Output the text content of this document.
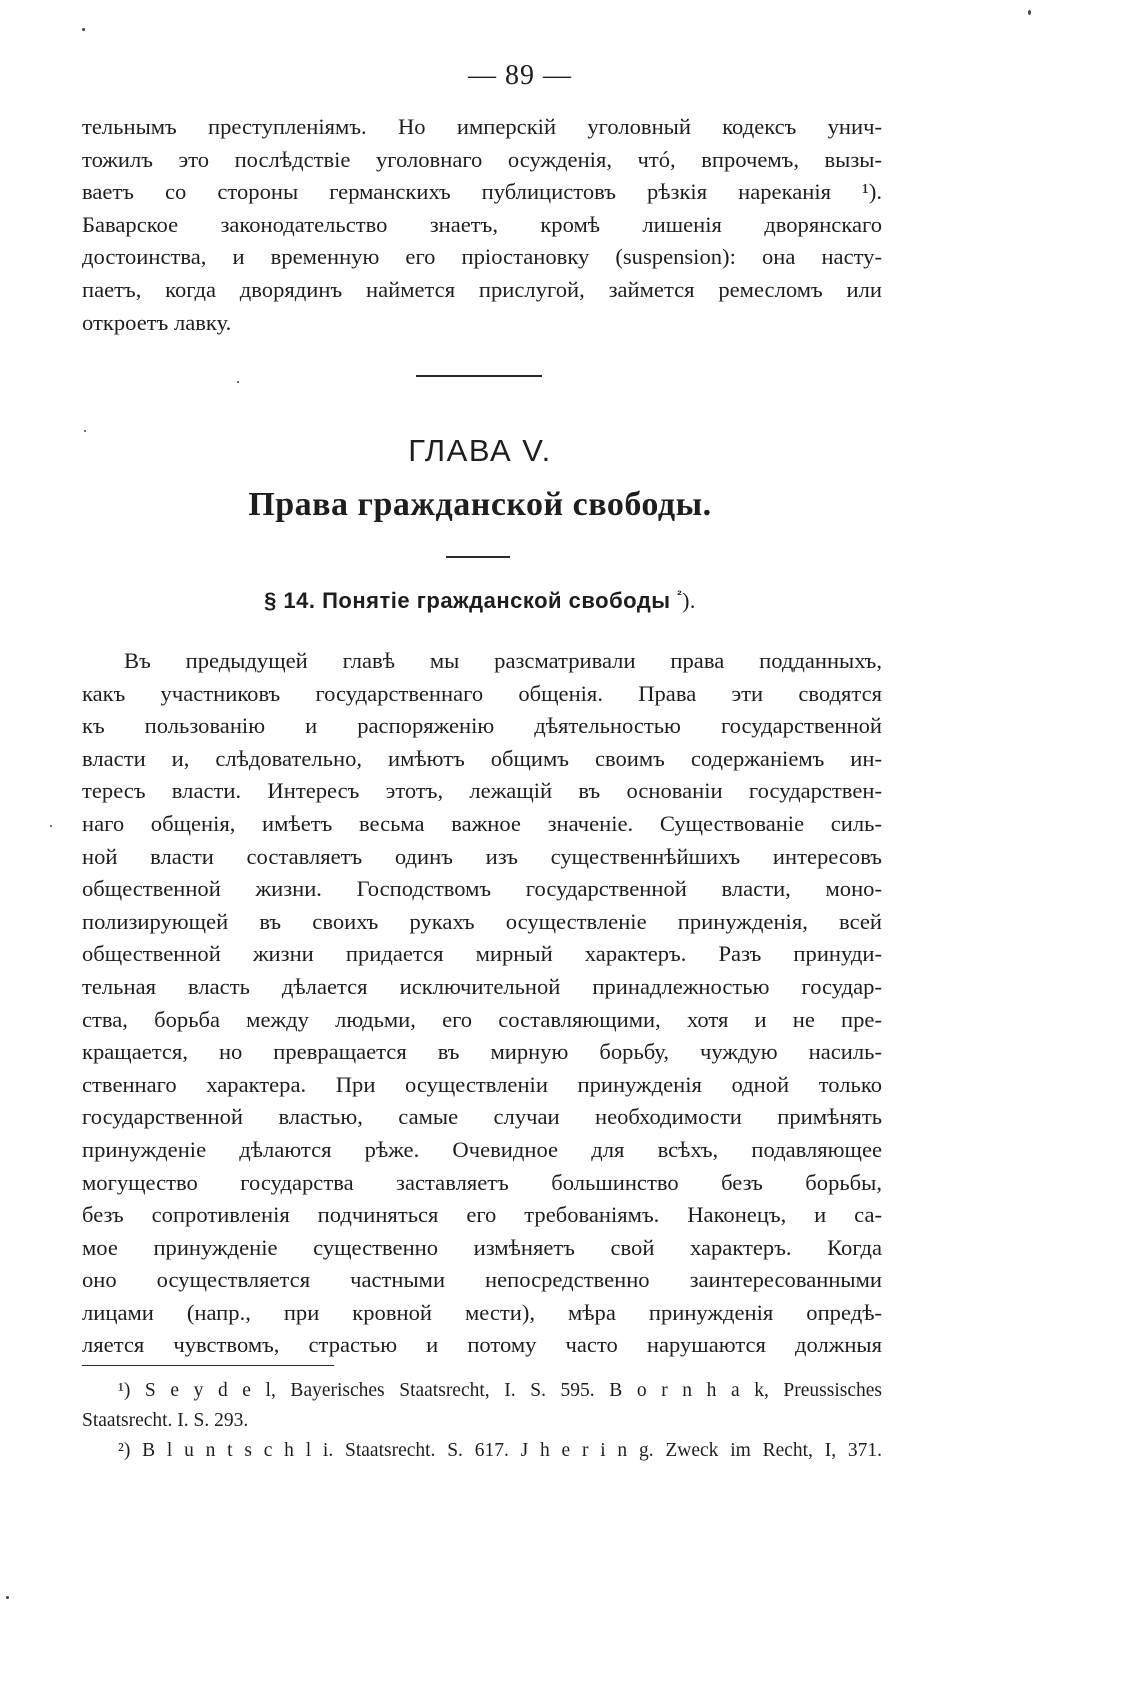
— 89 —
тельнымъ преступленіямъ. Но имперскій уголовный кодексъ унич-
тожилъ это послѣдствіе уголовнаго осужденія, чтó, впрочемъ, вызы-
ваетъ со стороны германскихъ публицистовъ рѣзкія нареканія ¹).
Баварское законодательство знаетъ, кромѣ лишенія дворянскаго
достоинства, и временную его пріостановку (suspension): она насту-
паетъ, когда дворядинъ наймется прислугой, займется ремесломъ или
откроетъ лавку.
ГЛАВА V.
Права гражданской свободы.
§ 14. Понятіе гражданской свободы $^{^2}$).
Въ предыдущей главѣ мы разсматривали права подданныхъ,
какъ участниковъ государственнаго общенія. Права эти сводятся
къ пользованію и распоряженію дѣятельностью государственной
власти и, слѣдовательно, имѣютъ общимъ своимъ содержаніемъ ин-
тересъ власти. Интересъ этотъ, лежащій въ основаніи государствен-
наго общенія, имѣетъ весьма важное значеніе. Существованіе силь-
ной власти составляетъ одинъ изъ существеннѣйшихъ интересовъ
общественной жизни. Господствомъ государственной власти, моно-
полизирующей въ своихъ рукахъ осуществленіе принужденія, всей
общественной жизни придается мирный характеръ. Разъ принуди-
тельная власть дѣлается исключительной принадлежностью государ-
ства, борьба между людьми, его составляющими, хотя и не пре-
кращается, но превращается въ мирную борьбу, чуждую насиль-
ственнаго характера. При осуществленіи принужденія одной только
государственной властью, самые случаи необходимости примѣнять
принужденіе дѣлаются рѣже. Очевидное для всѣхъ, подавляющее
могущество государства заставляетъ большинство безъ борьбы,
безъ сопротивленія подчиняться его требованіямъ. Наконецъ, и са-
мое принужденіе существенно измѣняетъ свой характеръ. Когда
оно осуществляется частными непосредственно заинтересованными
лицами (напр., при кровной мести), мѣра принужденія опредѣ-
ляется чувствомъ, страстью и потому часто нарушаются должныя
¹) S e y d e l, Bayerisches Staatsrecht, I. S. 595. B o r n h a k, Preussisches
Staatsrecht. I. S. 293.
²) B l u n t s c h l i. Staatsrecht. S. 617. J h e r i n g. Zweck im Recht, I, 371.
